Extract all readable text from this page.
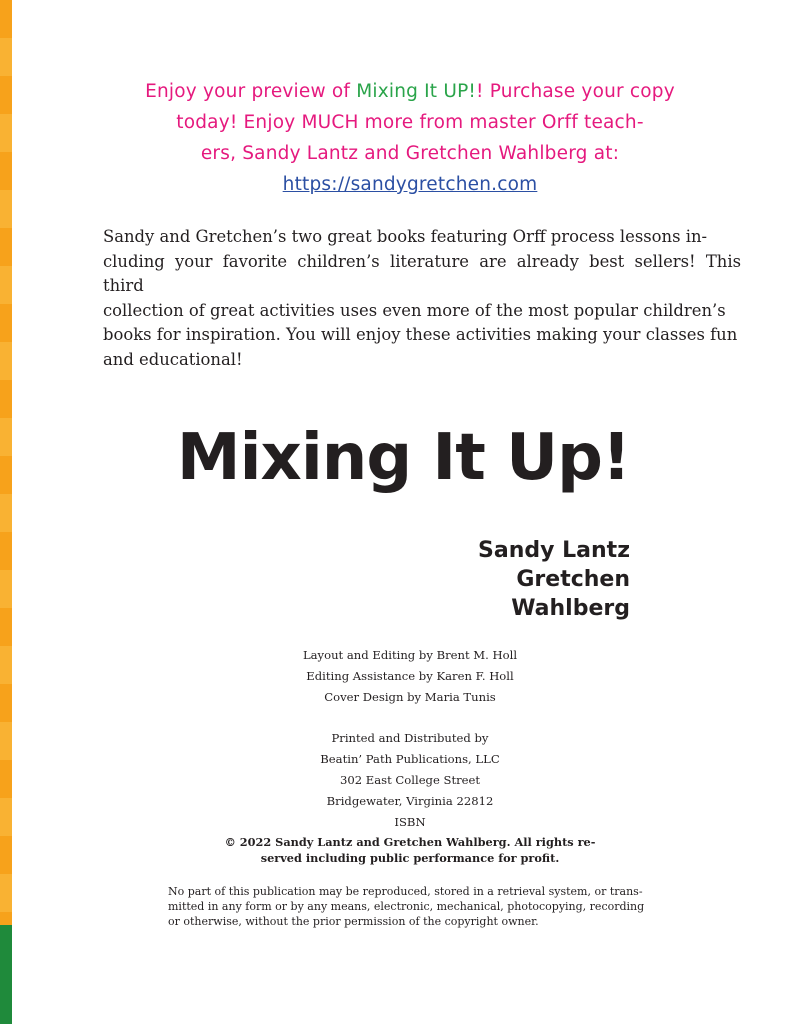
Enjoy your preview of Mixing It UP!! Purchase your copy
today! Enjoy MUCH more from master Orff teach-
ers, Sandy Lantz and Gretchen Wahlberg at:
https://sandygretchen.com
Sandy and Gretchen’s two great books featuring Orff process lessons in-
cluding your favorite children’s literature are already best sellers! This third
collection of great activities uses even more of the most popular children’s
books for inspiration. You will enjoy these activities making your classes fun
and educational!
Mixing It Up!
Sandy Lantz
Gretchen Wahlberg
Layout and Editing by Brent M. Holl
Editing Assistance by Karen F. Holl
Cover Design by Maria Tunis
Printed and Distributed by
Beatin’ Path Publications, LLC
302 East College Street
Bridgewater, Virginia 22812
ISBN
© 2022 Sandy Lantz and Gretchen Wahlberg. All rights re-
served including public performance for profit.
No part of this publication may be reproduced, stored in a retrieval system, or trans-
mitted in any form or by any means, electronic, mechanical, photocopying, recording
or otherwise, without the prior permission of the copyright owner.
